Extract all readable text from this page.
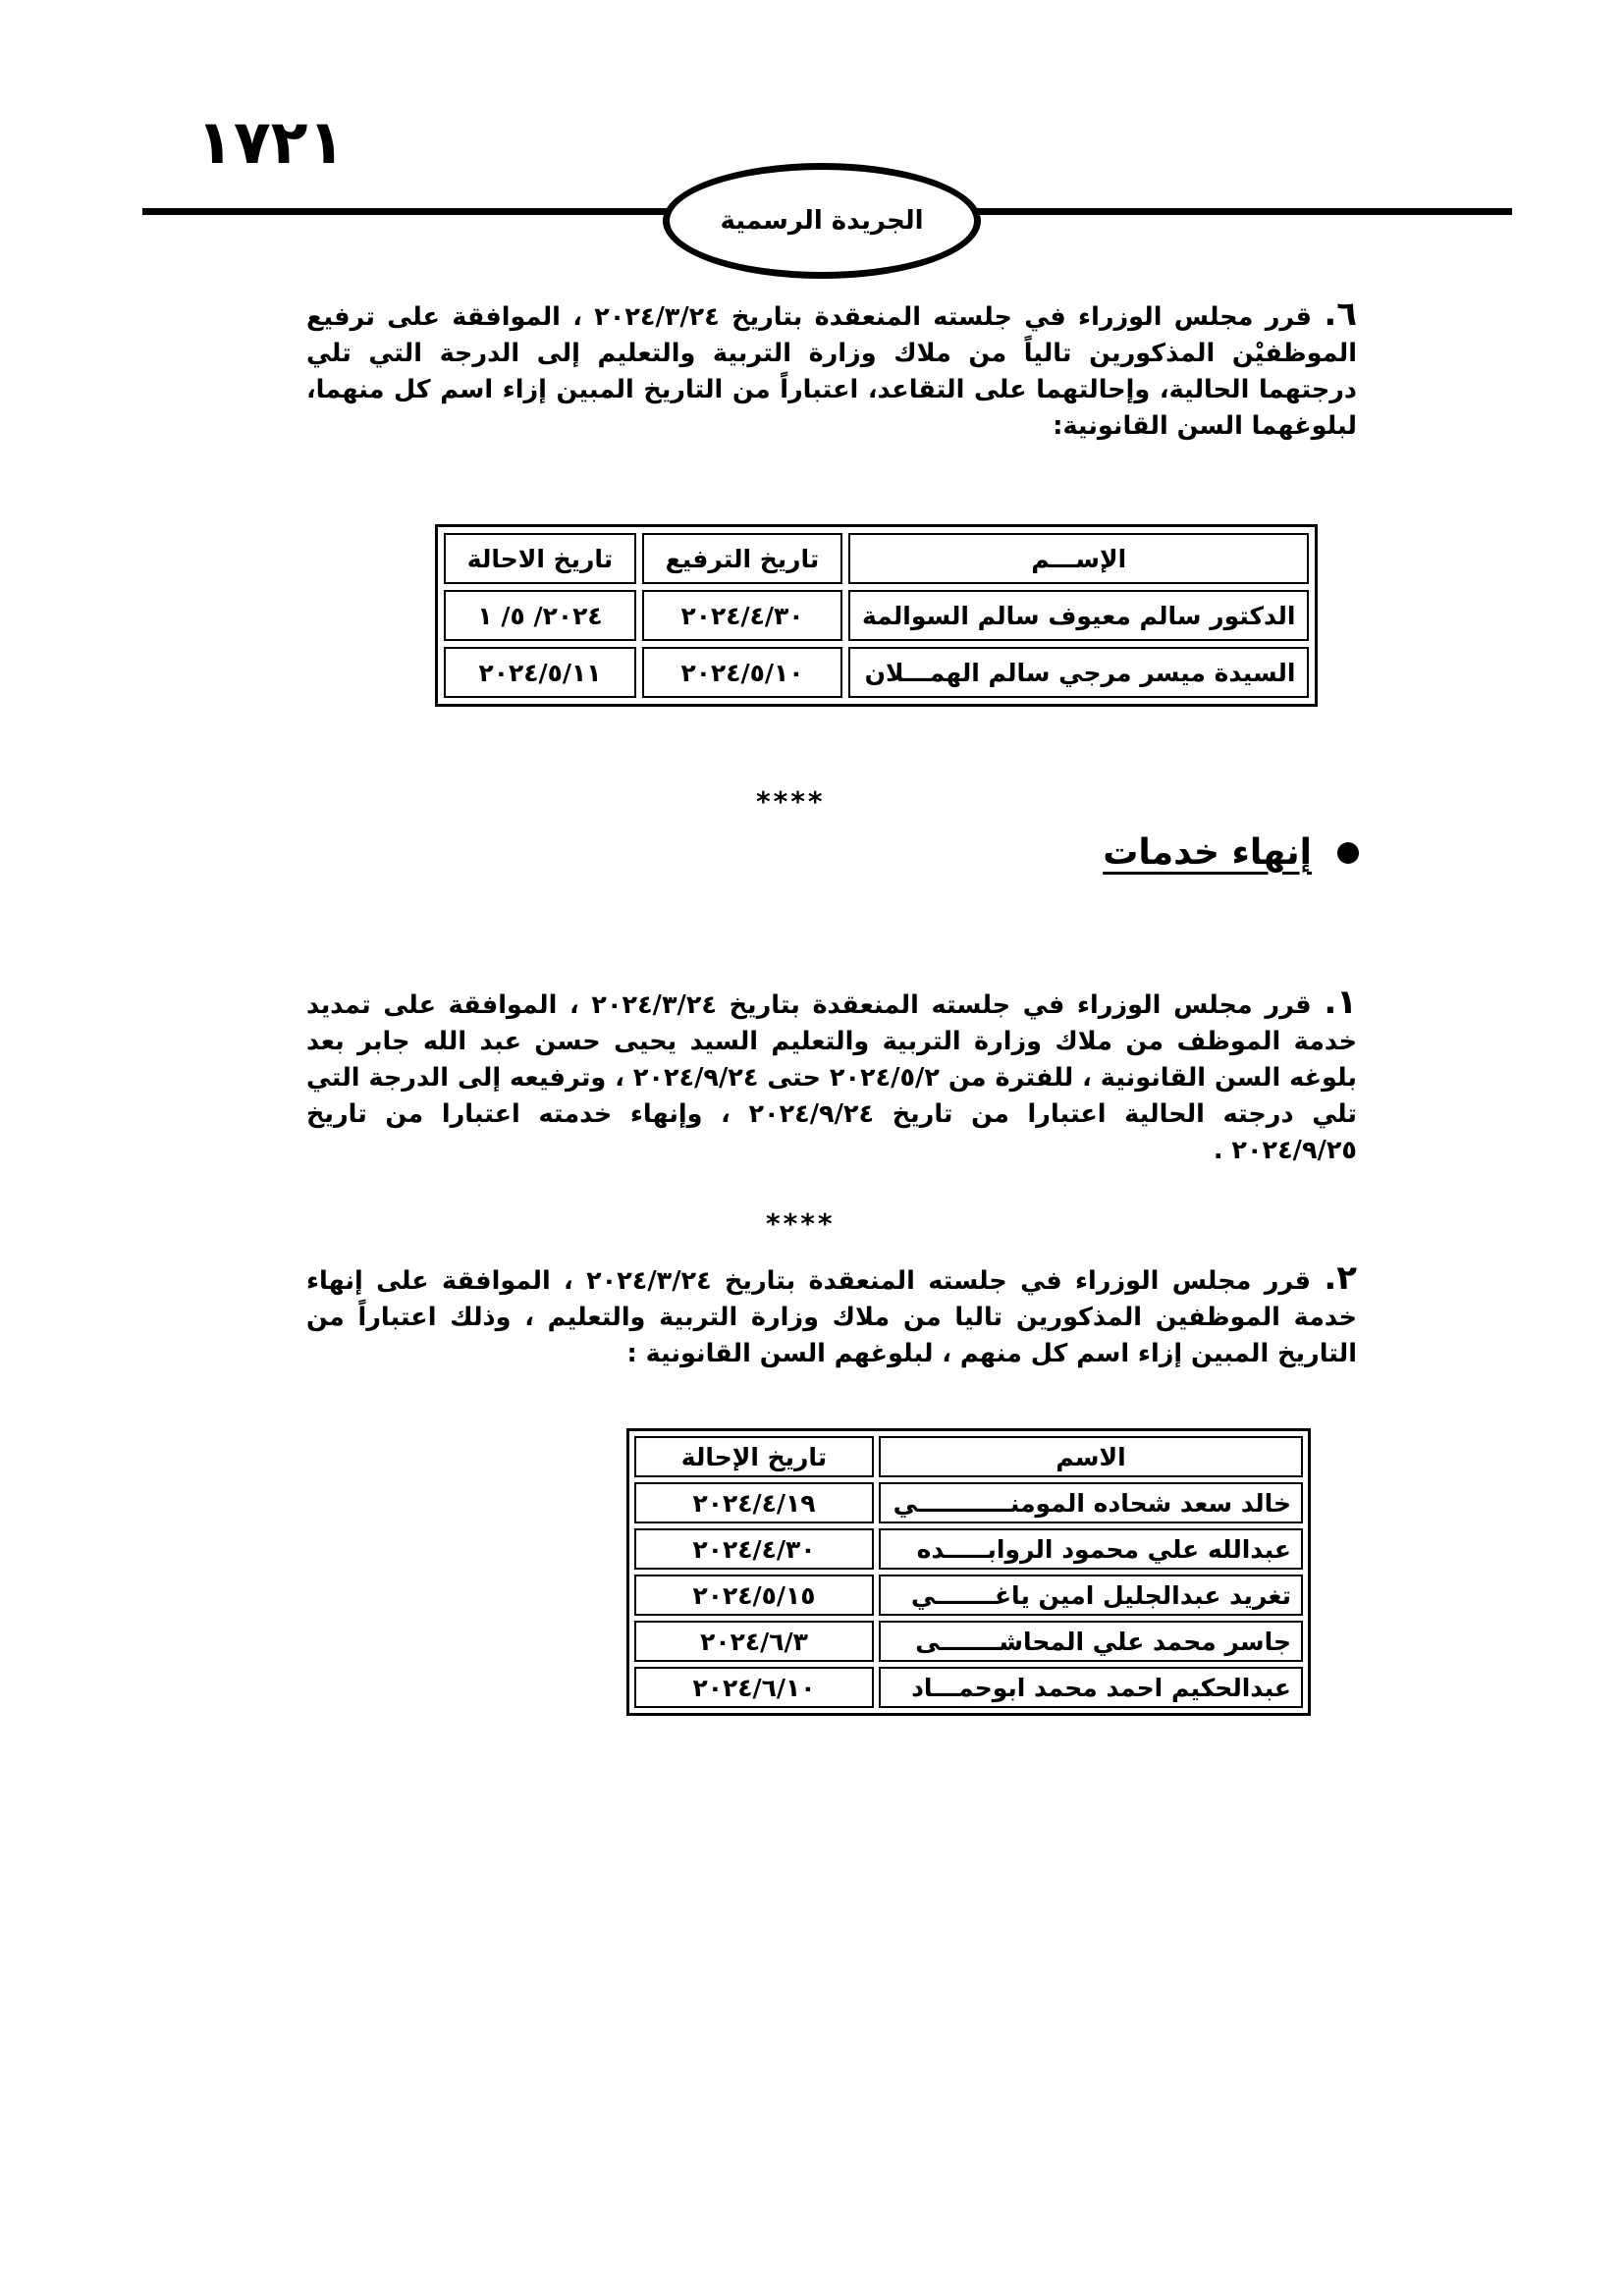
١٧٢١
الجريدة الرسمية
٦. قرر مجلس الوزراء في جلسته المنعقدة بتاريخ ٢٠٢٤/٣/٢٤ ، الموافقة على ترفيع الموظفيْن المذكورين تالياً من ملاك وزارة التربية والتعليم إلى الدرجة التي تلي درجتهما الحالية، وإحالتهما على التقاعد، اعتباراً من التاريخ المبين إزاء اسم كل منهما، لبلوغهما السن القانونية:
الإســـم	تاريخ الترفيع	تاريخ الاحالة
الدكتور سالم معيوف سالم السوالمة	٢٠٢٤/٤/٣٠	٢٠٢٤/ ٥/ ١
السيدة ميسر مرجي سالم الهمـــلان	٢٠٢٤/٥/١٠	٢٠٢٤/٥/١١
****
إنهاء خدمات
١. قرر مجلس الوزراء في جلسته المنعقدة بتاريخ ٢٠٢٤/٣/٢٤ ، الموافقة على تمديد خدمة الموظف من ملاك وزارة التربية والتعليم السيد يحيى حسن عبد الله جابر بعد بلوغه السن القانونية ، للفترة من ٢٠٢٤/٥/٢ حتى ٢٠٢٤/٩/٢٤ ، وترفيعه إلى الدرجة التي تلي درجته الحالية اعتبارا من تاريخ ٢٠٢٤/٩/٢٤ ، وإنهاء خدمته اعتبارا من تاريخ ٢٠٢٤/٩/٢٥ .
****
٢. قرر مجلس الوزراء في جلسته المنعقدة بتاريخ ٢٠٢٤/٣/٢٤ ، الموافقة على إنهاء خدمة الموظفين المذكورين تاليا من ملاك وزارة التربية والتعليم ، وذلك اعتباراً من التاريخ المبين إزاء اسم كل منهم ، لبلوغهم السن القانونية :
الاسم	تاريخ الإحالة
خالد سعد شحاده المومنـــــــــــي	٢٠٢٤/٤/١٩
عبدالله علي محمود الروابـــــده	٢٠٢٤/٤/٣٠
تغريد عبدالجليل امين ياغـــــــي	٢٠٢٤/٥/١٥
جاسر محمد علي المحاشـــــــى	٢٠٢٤/٦/٣
عبدالحكيم احمد محمد ابوحمـــاد	٢٠٢٤/٦/١٠
